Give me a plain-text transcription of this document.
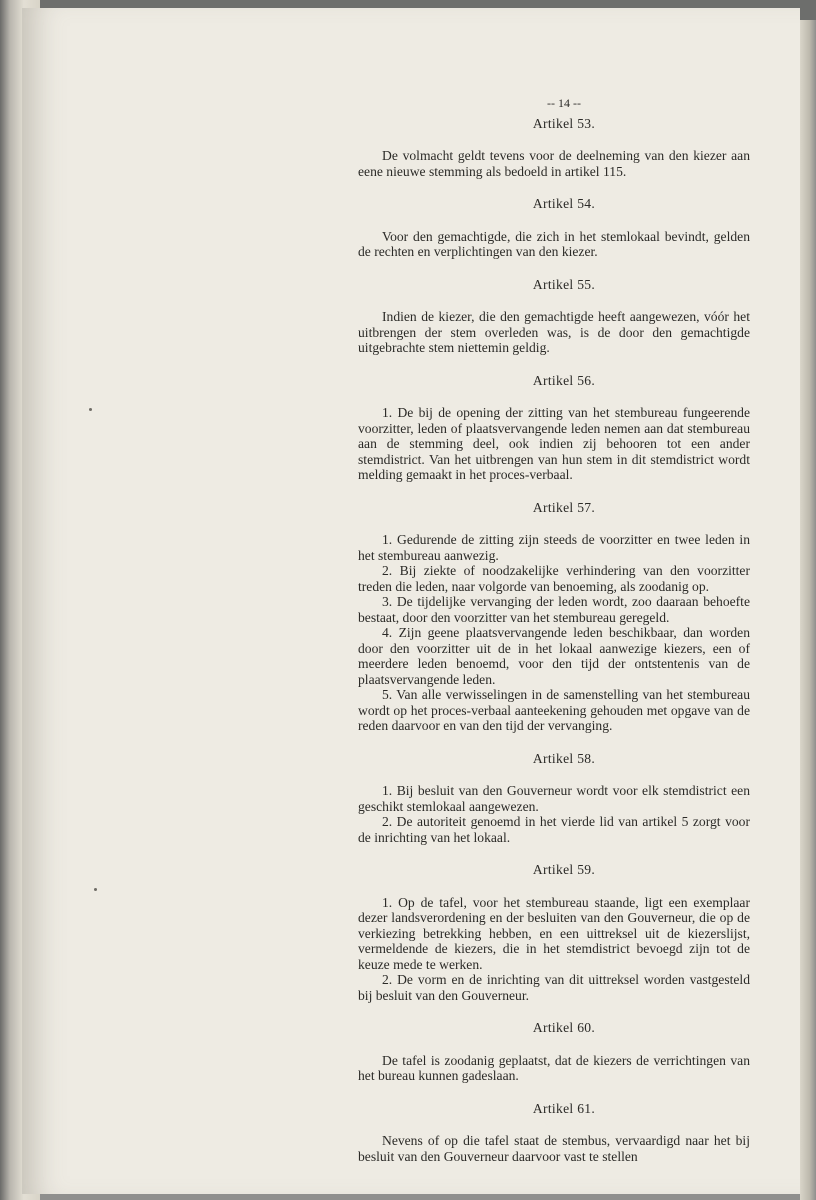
-- 14 --
Artikel 53.

De volmacht geldt tevens voor de deelneming van den kiezer aan eene nieuwe stemming als bedoeld in artikel 115.

Artikel 54.

Voor den gemachtigde, die zich in het stemlokaal bevindt, gelden de rechten en verplichtingen van den kiezer.

Artikel 55.

Indien de kiezer, die den gemachtigde heeft aangewezen, vóór het uitbrengen der stem overleden was, is de door den gemachtigde uitgebrachte stem niettemin geldig.

Artikel 56.

1. De bij de opening der zitting van het stembureau fungeerende voorzitter, leden of plaatsvervangende leden nemen aan dat stembureau aan de stemming deel, ook indien zij behooren tot een ander stemdistrict. Van het uitbrengen van hun stem in dit stemdistrict wordt melding gemaakt in het proces-verbaal.

Artikel 57.

1. Gedurende de zitting zijn steeds de voorzitter en twee leden in het stembureau aanwezig.

2. Bij ziekte of noodzakelijke verhindering van den voorzitter treden die leden, naar volgorde van benoeming, als zoodanig op.

3. De tijdelijke vervanging der leden wordt, zoo daaraan behoefte bestaat, door den voorzitter van het stembureau geregeld.

4. Zijn geene plaatsvervangende leden beschikbaar, dan worden door den voorzitter uit de in het lokaal aanwezige kiezers, een of meerdere leden benoemd, voor den tijd der ontstentenis van de plaatsvervangende leden.

5. Van alle verwisselingen in de samenstelling van het stembureau wordt op het proces-verbaal aanteekening gehouden met opgave van de reden daarvoor en van den tijd der vervanging.

Artikel 58.

1. Bij besluit van den Gouverneur wordt voor elk stemdistrict een geschikt stemlokaal aangewezen.

2. De autoriteit genoemd in het vierde lid van artikel 5 zorgt voor de inrichting van het lokaal.

Artikel 59.

1. Op de tafel, voor het stembureau staande, ligt een exemplaar dezer landsverordening en der besluiten van den Gouverneur, die op de verkiezing betrekking hebben, en een uittreksel uit de kiezerslijst, vermeldende de kiezers, die in het stemdistrict bevoegd zijn tot de keuze mede te werken.

2. De vorm en de inrichting van dit uittreksel worden vastgesteld bij besluit van den Gouverneur.

Artikel 60.

De tafel is zoodanig geplaatst, dat de kiezers de verrichtingen van het bureau kunnen gadeslaan.

Artikel 61.

Nevens of op die tafel staat de stembus, vervaardigd naar het bij besluit van den Gouverneur daarvoor vast te stellen
